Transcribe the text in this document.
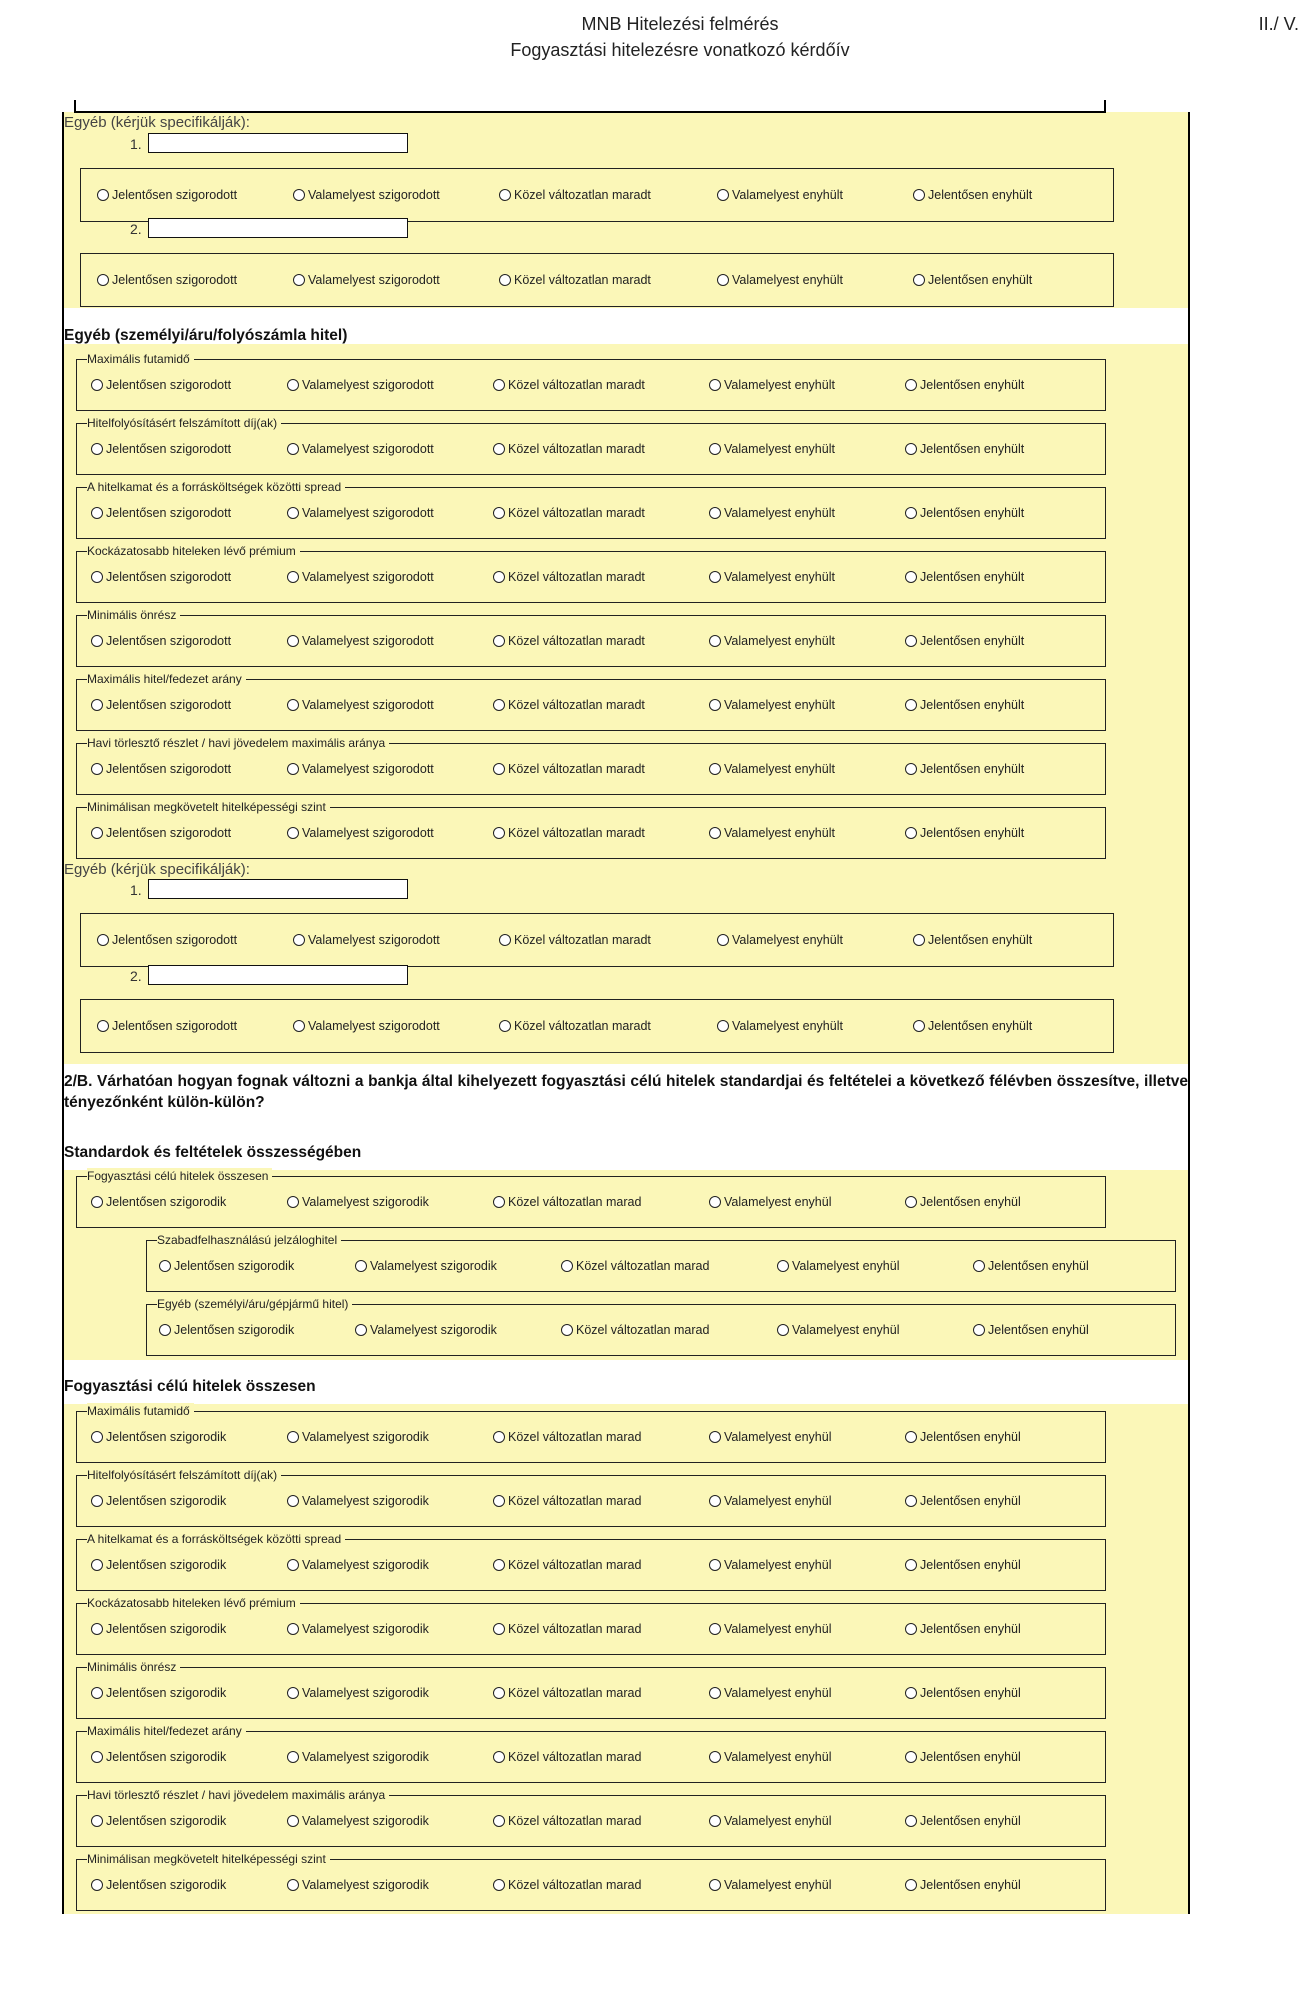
MNB Hitelezési felmérés
Fogyasztási hitelezésre vonatkozó kérdőív
II./ V.
Egyéb (kérjük specifikálják):
1.
Jelentősen szigorodott	Valamelyest szigorodott	Közel változatlan maradt	Valamelyest enyhült	Jelentősen enyhült
2.
Jelentősen szigorodott	Valamelyest szigorodott	Közel változatlan maradt	Valamelyest enyhült	Jelentősen enyhült
Egyéb (személyi/áru/folyószámla hitel)
Maximális futamidő
Jelentősen szigorodott	Valamelyest szigorodott	Közel változatlan maradt	Valamelyest enyhült	Jelentősen enyhült
Hitelfolyósításért felszámított díj(ak)
Jelentősen szigorodott	Valamelyest szigorodott	Közel változatlan maradt	Valamelyest enyhült	Jelentősen enyhült
A hitelkamat és a forrásköltségek közötti spread
Jelentősen szigorodott	Valamelyest szigorodott	Közel változatlan maradt	Valamelyest enyhült	Jelentősen enyhült
Kockázatosabb hiteleken lévő prémium
Jelentősen szigorodott	Valamelyest szigorodott	Közel változatlan maradt	Valamelyest enyhült	Jelentősen enyhült
Minimális önrész
Jelentősen szigorodott	Valamelyest szigorodott	Közel változatlan maradt	Valamelyest enyhült	Jelentősen enyhült
Maximális hitel/fedezet arány
Jelentősen szigorodott	Valamelyest szigorodott	Közel változatlan maradt	Valamelyest enyhült	Jelentősen enyhült
Havi törlesztő részlet / havi jövedelem maximális aránya
Jelentősen szigorodott	Valamelyest szigorodott	Közel változatlan maradt	Valamelyest enyhült	Jelentősen enyhült
Minimálisan megkövetelt hitelképességi szint
Jelentősen szigorodott	Valamelyest szigorodott	Közel változatlan maradt	Valamelyest enyhült	Jelentősen enyhült
Egyéb (kérjük specifikálják):
1.
Jelentősen szigorodott	Valamelyest szigorodott	Közel változatlan maradt	Valamelyest enyhült	Jelentősen enyhült
2.
Jelentősen szigorodott	Valamelyest szigorodott	Közel változatlan maradt	Valamelyest enyhült	Jelentősen enyhült
2/B. Várhatóan hogyan fognak változni a bankja által kihelyezett fogyasztási célú hitelek standardjai és feltételei a következő félévben összesítve, illetve tényezőnként külön-külön?
Standardok és feltételek összességében
Fogyasztási célú hitelek összesen
Jelentősen szigorodik	Valamelyest szigorodik	Közel változatlan marad	Valamelyest enyhül	Jelentősen enyhül
Szabadfelhasználású jelzáloghitel
Jelentősen szigorodik	Valamelyest szigorodik	Közel változatlan marad	Valamelyest enyhül	Jelentősen enyhül
Egyéb (személyi/áru/gépjármű hitel)
Jelentősen szigorodik	Valamelyest szigorodik	Közel változatlan marad	Valamelyest enyhül	Jelentősen enyhül
Fogyasztási célú hitelek összesen
Maximális futamidő
Jelentősen szigorodik	Valamelyest szigorodik	Közel változatlan marad	Valamelyest enyhül	Jelentősen enyhül
Hitelfolyósításért felszámított díj(ak)
Jelentősen szigorodik	Valamelyest szigorodik	Közel változatlan marad	Valamelyest enyhül	Jelentősen enyhül
A hitelkamat és a forrásköltségek közötti spread
Jelentősen szigorodik	Valamelyest szigorodik	Közel változatlan marad	Valamelyest enyhül	Jelentősen enyhül
Kockázatosabb hiteleken lévő prémium
Jelentősen szigorodik	Valamelyest szigorodik	Közel változatlan marad	Valamelyest enyhül	Jelentősen enyhül
Minimális önrész
Jelentősen szigorodik	Valamelyest szigorodik	Közel változatlan marad	Valamelyest enyhül	Jelentősen enyhül
Maximális hitel/fedezet arány
Jelentősen szigorodik	Valamelyest szigorodik	Közel változatlan marad	Valamelyest enyhül	Jelentősen enyhül
Havi törlesztő részlet / havi jövedelem maximális aránya
Jelentősen szigorodik	Valamelyest szigorodik	Közel változatlan marad	Valamelyest enyhül	Jelentősen enyhül
Minimálisan megkövetelt hitelképességi szint
Jelentősen szigorodik	Valamelyest szigorodik	Közel változatlan marad	Valamelyest enyhül	Jelentősen enyhül
